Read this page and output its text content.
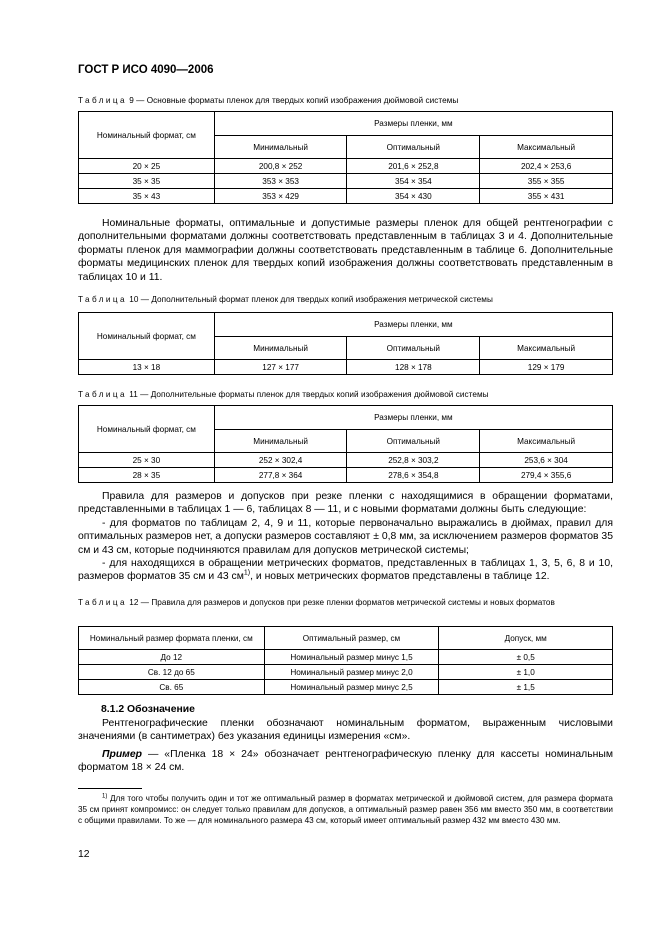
ГОСТ Р ИСО 4090—2006
Таблица 9 — Основные форматы пленок для твердых копий изображения дюймовой системы
Номинальный формат, см	Размеры пленки, мм		
	Минимальный	Оптимальный	Максимальный
20 × 25	200,8 × 252	201,6 × 252,8	202,4 × 253,6
35 × 35	353 × 353	354 × 354	355 × 355
35 × 43	353 × 429	354 × 430	355 × 431

Номинальные форматы, оптимальные и допустимые размеры пленок для общей рентгенографии с дополнительными форматами должны соответствовать представленным в таблицах 3 и 4. Дополнительные форматы пленок для маммографии должны соответствовать представленным в таблице 6. Дополнительные форматы медицинских пленок для твердых копий изображения должны соответствовать представленным в таблицах 10 и 11.

Таблица 10 — Дополнительный формат пленок для твердых копий изображения метрической системы
Номинальный формат, см	Размеры пленки, мм		
	Минимальный	Оптимальный	Максимальный
13 × 18	127 × 177	128 × 178	129 × 179
Таблица 11 — Дополнительные форматы пленок для твердых копий изображения дюймовой системы
Номинальный формат, см	Размеры пленки, мм		
	Минимальный	Оптимальный	Максимальный
25 × 30	252 × 302,4	252,8 × 303,2	253,6 × 304
28 × 35	277,8 × 364	278,6 × 354,8	279,4 × 355,6

Правила для размеров и допусков при резке пленки с находящимися в обращении форматами, представленными в таблицах 1 — 6, таблицах 8 — 11, и с новыми форматами должны быть следующие:

- для форматов по таблицам 2, 4, 9 и 11, которые первоначально выражались в дюймах, правил для оптимальных размеров нет, а допуски размеров составляют ± 0,8 мм, за исключением размеров форматов 35 см и 43 см, которые подчиняются правилам для допусков метрической системы;

- для находящихся в обращении метрических форматов, представленных в таблицах 1, 3, 5, 6, 8 и 10, размеров форматов 35 см и 43 $см^{1)}$, и новых метрических форматов представлены в таблице 12.

Таблица 12 — Правила для размеров и допусков при резке пленки форматов метрической системы и новых форматов
Номинальный размер формата пленки, см	Оптимальный размер, см	Допуск, мм
До 12	Номинальный размер минус 1,5	± 0,5
Св. 12 до 65	Номинальный размер минус 2,0	± 1,0
Св. 65	Номинальный размер минус 2,5	± 1,5
8.1.2 Обозначение

Рентгенографические пленки обозначают номинальным форматом, выраженным числовыми значениями (в сантиметрах) без указания единицы измерения «см».

Пример — «Пленка 18 × 24» обозначает рентгенографическую пленку для кассеты номинальным форматом 18 × 24 см.

$^{1)}$ Для того чтобы получить один и тот же оптимальный размер в форматах метрической и дюймовой систем, для размера формата 35 см принят компромисс: он следует только правилам для допусков, а оптимальный размер равен 356 мм вместо 350 мм, в соответствии с общими правилами. То же — для номинального размера 43 см, который имеет оптимальный размер 432 мм вместо 430 мм.

12
